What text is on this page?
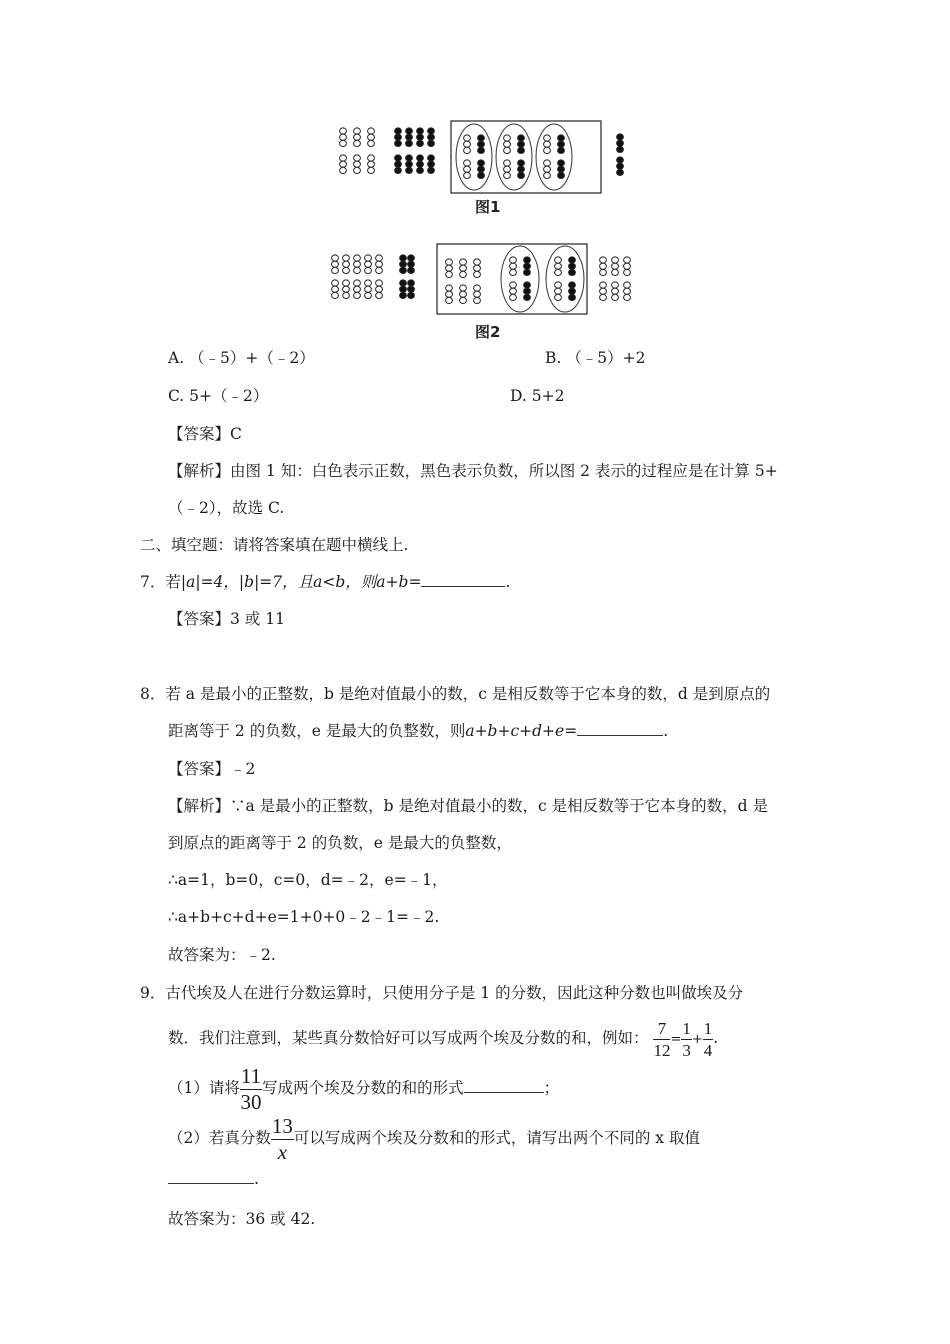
图1
图2
A. （﹣5）+（﹣2）	B. （﹣5）+2
C. 5+（﹣2）	D. 5+2
【答案】C
【解析】由图 1 知：白色表示正数，黑色表示负数，所以图 2 表示的过程应是在计算 5+
（﹣2），故选 C.
二、填空题：请将答案填在题中横线上.
7．若|a|=4，|b|=7，且a<b，则a+b=	.
【答案】3 或 11
8．若 a 是最小的正整数，b 是绝对值最小的数，c 是相反数等于它本身的数，d 是到原点的
距离等于 2 的负数，e 是最大的负整数，则a+b+c+d+e=	.
【答案】﹣2
【解析】∵a 是最小的正整数，b 是绝对值最小的数，c 是相反数等于它本身的数，d 是
到原点的距离等于 2 的负数，e 是最大的负整数，
∴a=1，b=0，c=0，d=﹣2，e=﹣1，
∴a+b+c+d+e=1+0+0﹣2﹣1=﹣2.
故答案为：﹣2.
9．古代埃及人在进行分数运算时，只使用分子是 1 的分数，因此这种分数也叫做埃及分
数．我们注意到，某些真分数恰好可以写成两个埃及分数的和，例如： $\frac{7}{12} = \frac{1}{3} + \frac{1}{4}$ .
（1）请将 $\frac{11}{30}$ 写成两个埃及分数的和的形式	；
（2）若真分数 $\frac{13}{x}$ 可以写成两个埃及分数和的形式，请写出两个不同的 x 取值
.
故答案为：36 或 42.
